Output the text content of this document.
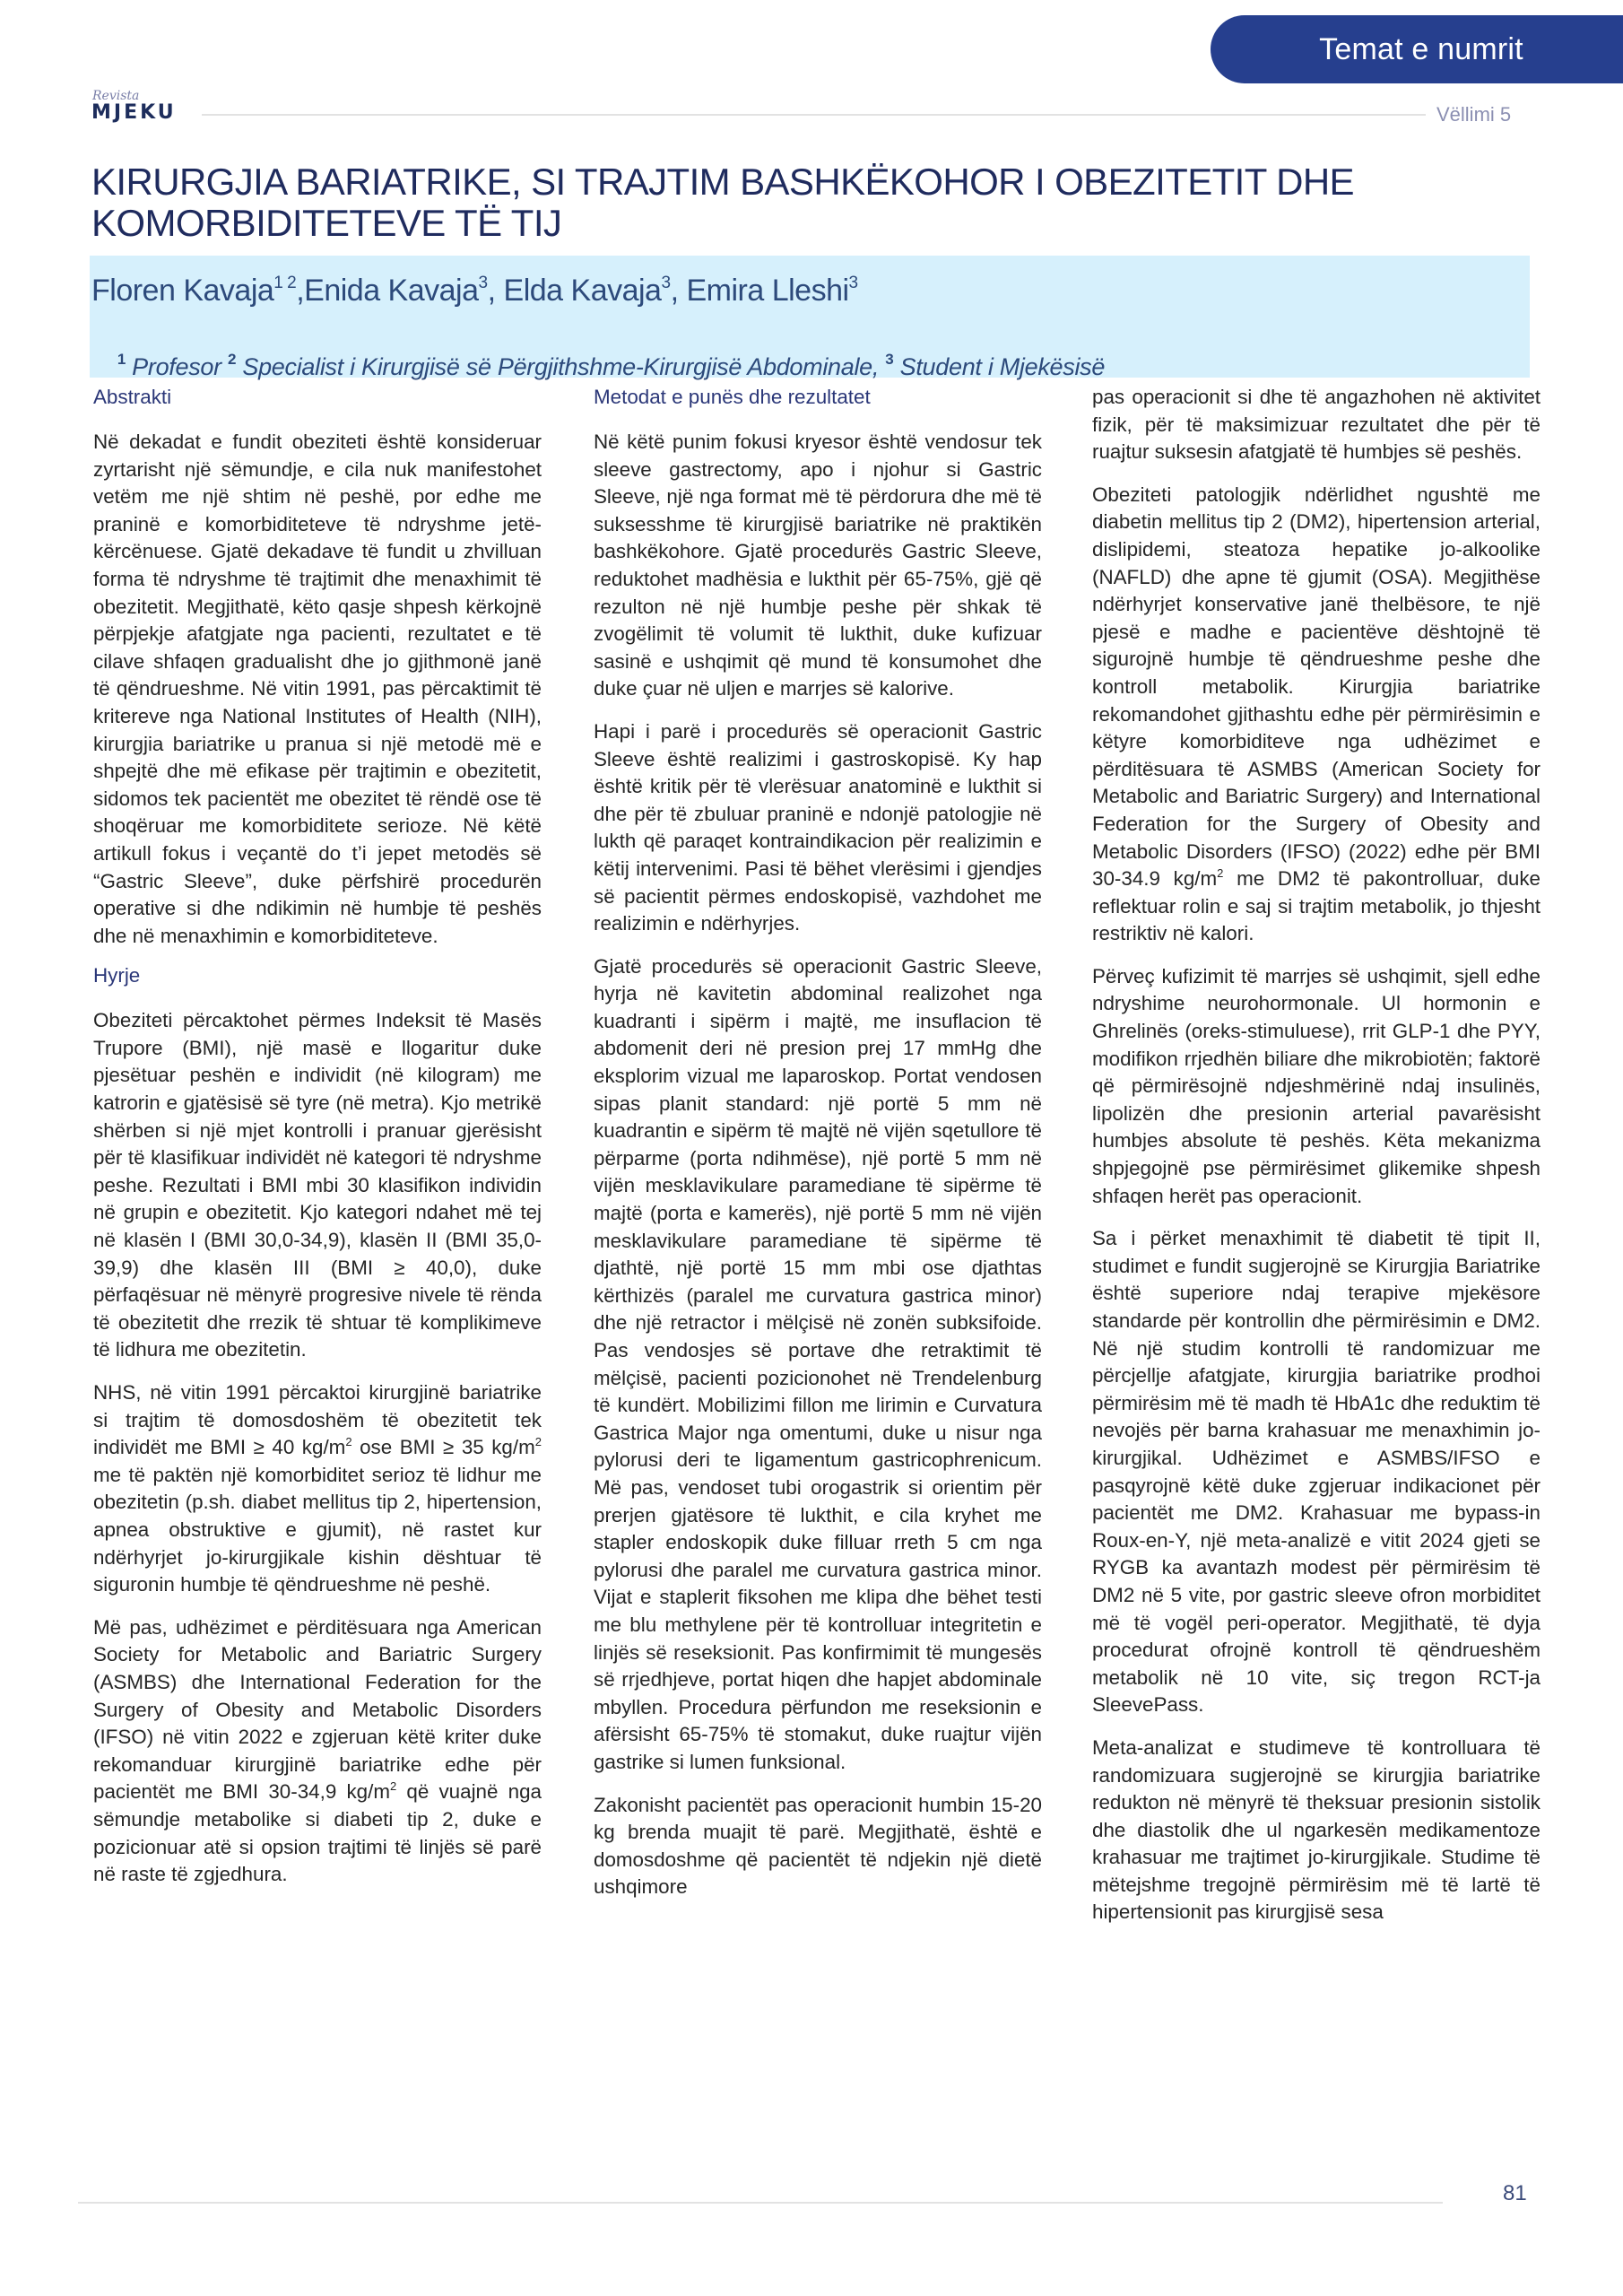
Temat e numrit
Revista
MJEKU	Vëllimi 5
KIRURGJIA BARIATRIKE, SI TRAJTIM BASHKËKOHOR I OBEZITETIT DHE
KOMORBIDITETEVE TË TIJ
Floren Kavaja$^{1 2}$,Enida Kavaja$^3$, Elda Kavaja$^3$, Emira Lleshi$^3$

$^1$ Profesor $^2$ Specialist i Kirurgjisë së Përgjithshme-Kirurgjisë Abdominale, $^3$ Student i Mjekësisë

Abstrakti

Në dekadat e fundit obeziteti është konsideruar zyrtarisht një sëmundje, e cila nuk manifestohet vetëm me një shtim në peshë, por edhe me praninë e komorbiditeteve të ndryshme jetë-kërcënuese. Gjatë dekadave të fundit u zhvilluan forma të ndryshme të trajtimit dhe menaxhimit të obezitetit. Megjithatë, këto qasje shpesh kërkojnë përpjekje afatgjate nga pacienti, rezultatet e të cilave shfaqen gradualisht dhe jo gjithmonë janë të qëndrueshme. Në vitin 1991, pas përcaktimit të kritereve nga National Institutes of Health (NIH), kirurgjia bariatrike u pranua si një metodë më e shpejtë dhe më efikase për trajtimin e obezitetit, sidomos tek pacientët me obezitet të rëndë ose të shoqëruar me komorbiditete serioze. Në këtë artikull fokus i veçantë do t’i jepet metodës së “Gastric Sleeve”, duke përfshirë procedurën operative si dhe ndikimin në humbje të peshës dhe në menaxhimin e komorbiditeteve.

Hyrje

Obeziteti përcaktohet përmes Indeksit të Masës Trupore (BMI), një masë e llogaritur duke pjesëtuar peshën e individit (në kilogram) me katrorin e gjatësisë së tyre (në metra). Kjo metrikë shërben si një mjet kontrolli i pranuar gjerësisht për të klasifikuar individët në kategori të ndryshme peshe. Rezultati i BMI mbi 30 klasifikon individin në grupin e obezitetit. Kjo kategori ndahet më tej në klasën I (BMI 30,0-34,9), klasën II (BMI 35,0-39,9) dhe klasën III (BMI ≥ 40,0), duke përfaqësuar në mënyrë progresive nivele të rënda të obezitetit dhe rrezik të shtuar të komplikimeve të lidhura me obezitetin.

NHS, në vitin 1991 përcaktoi kirurgjinë bariatrike si trajtim të domosdoshëm të obezitetit tek individët me BMI ≥ 40 $kg/m^2$ ose BMI ≥ 35 $kg/m^2$ me të paktën një komorbiditet serioz të lidhur me obezitetin (p.sh. diabet mellitus tip 2, hipertension, apnea obstruktive e gjumit), në rastet kur ndërhyrjet jo-kirurgjikale kishin dështuar të siguronin humbje të qëndrueshme në peshë.

Më pas, udhëzimet e përditësuara nga American Society for Metabolic and Bariatric Surgery (ASMBS) dhe International Federation for the Surgery of Obesity and Metabolic Disorders (IFSO) në vitin 2022 e zgjeruan këtë kriter duke rekomanduar kirurgjinë bariatrike edhe për pacientët me BMI 30-34,9 $kg/m^2$ që vuajnë nga sëmundje metabolike si diabeti tip 2, duke e pozicionuar atë si opsion trajtimi të linjës së parë në raste të zgjedhura.

Metodat e punës dhe rezultatet

Në këtë punim fokusi kryesor është vendosur tek sleeve gastrectomy, apo i njohur si Gastric Sleeve, një nga format më të përdorura dhe më të suksesshme të kirurgjisë bariatrike në praktikën bashkëkohore. Gjatë procedurës Gastric Sleeve, reduktohet madhësia e lukthit për 65-75%, gjë që rezulton në një humbje peshe për shkak të zvogëlimit të volumit të lukthit, duke kufizuar sasinë e ushqimit që mund të konsumohet dhe duke çuar në uljen e marrjes së kalorive.

Hapi i parë i procedurës së operacionit Gastric Sleeve është realizimi i gastroskopisë. Ky hap është kritik për të vlerësuar anatominë e lukthit si dhe për të zbuluar praninë e ndonjë patologjie në lukth që paraqet kontraindikacion për realizimin e këtij intervenimi. Pasi të bëhet vlerësimi i gjendjes së pacientit përmes endoskopisë, vazhdohet me realizimin e ndërhyrjes.

Gjatë procedurës së operacionit Gastric Sleeve, hyrja në kavitetin abdominal realizohet nga kuadranti i sipërm i majtë, me insuflacion të abdomenit deri në presion prej 17 mmHg dhe eksplorim vizual me laparoskop. Portat vendosen sipas planit standard: një portë 5 mm në kuadrantin e sipërm të majtë në vijën sqetullore të përparme (porta ndihmëse), një portë 5 mm në vijën mesklavikulare paramediane të sipërme të majtë (porta e kamerës), një portë 5 mm në vijën mesklavikulare paramediane të sipërme të djathtë, një portë 15 mm mbi ose djathtas kërthizës (paralel me curvatura gastrica minor) dhe një retractor i mëlçisë në zonën subksifoide. Pas vendosjes së portave dhe retraktimit të mëlçisë, pacienti pozicionohet në Trendelenburg të kundërt. Mobilizimi fillon me lirimin e Curvatura Gastrica Major nga omentumi, duke u nisur nga pylorusi deri te ligamentum gastricophrenicum. Më pas, vendoset tubi orogastrik si orientim për prerjen gjatësore të lukthit, e cila kryhet me stapler endoskopik duke filluar rreth 5 cm nga pylorusi dhe paralel me curvatura gastrica minor. Vijat e staplerit fiksohen me klipa dhe bëhet testi me blu methylene për të kontrolluar integritetin e linjës së reseksionit. Pas konfirmimit të mungesës së rrjedhjeve, portat hiqen dhe hapjet abdominale mbyllen. Procedura përfundon me reseksionin e afërsisht 65-75% të stomakut, duke ruajtur vijën gastrike si lumen funksional.

Zakonisht pacientët pas operacionit humbin 15-20 kg brenda muajit të parë. Megjithatë, është e domosdoshme që pacientët të ndjekin një dietë ushqimore

pas operacionit si dhe të angazhohen në aktivitet fizik, për të maksimizuar rezultatet dhe për të ruajtur suksesin afatgjatë të humbjes së peshës.

Obeziteti patologjik ndërlidhet ngushtë me diabetin mellitus tip 2 (DM2), hipertension arterial, dislipidemi, steatoza hepatike jo-alkoolike (NAFLD) dhe apne të gjumit (OSA). Megjithëse ndërhyrjet konservative janë thelbësore, te një pjesë e madhe e pacientëve dështojnë të sigurojnë humbje të qëndrueshme peshe dhe kontroll metabolik. Kirurgjia bariatrike rekomandohet gjithashtu edhe për përmirësimin e këtyre komorbiditeve nga udhëzimet e përditësuara të ASMBS (American Society for Metabolic and Bariatric Surgery) and International Federation for the Surgery of Obesity and Metabolic Disorders (IFSO) (2022) edhe për BMI 30-34.9 $kg/m^2$ me DM2 të pakontrolluar, duke reflektuar rolin e saj si trajtim metabolik, jo thjesht restriktiv në kalori.

Përveç kufizimit të marrjes së ushqimit, sjell edhe ndryshime neurohormonale. Ul hormonin e Ghrelinës (oreks-stimuluese), rrit GLP-1 dhe PYY, modifikon rrjedhën biliare dhe mikrobiotën; faktorë që përmirësojnë ndjeshmërinë ndaj insulinës, lipolizën dhe presionin arterial pavarësisht humbjes absolute të peshës. Këta mekanizma shpjegojnë pse përmirësimet glikemike shpesh shfaqen herët pas operacionit.

Sa i përket menaxhimit të diabetit të tipit II, studimet e fundit sugjerojnë se Kirurgjia Bariatrike është superiore ndaj terapive mjekësore standarde për kontrollin dhe përmirësimin e DM2. Në një studim kontrolli të randomizuar me përcjellje afatgjate, kirurgjia bariatrike prodhoi përmirësim më të madh të HbA1c dhe reduktim të nevojës për barna krahasuar me menaxhimin jo-kirurgjikal. Udhëzimet e ASMBS/IFSO e pasqyrojnë këtë duke zgjeruar indikacionet për pacientët me DM2. Krahasuar me bypass-in Roux-en-Y, një meta-analizë e vitit 2024 gjeti se RYGB ka avantazh modest për përmirësim të DM2 në 5 vite, por gastric sleeve ofron morbiditet më të vogël peri-operator. Megjithatë, të dyja procedurat ofrojnë kontroll të qëndrueshëm metabolik në 10 vite, siç tregon RCT-ja SleevePass.

Meta-analizat e studimeve të kontrolluara të randomizuara sugjerojnë se kirurgjia bariatrike redukton në mënyrë të theksuar presionin sistolik dhe diastolik dhe ul ngarkesën medikamentoze krahasuar me trajtimet jo-kirurgjikale. Studime të mëtejshme tregojnë përmirësim më të lartë të hipertensionit pas kirurgjisë sesa

81
